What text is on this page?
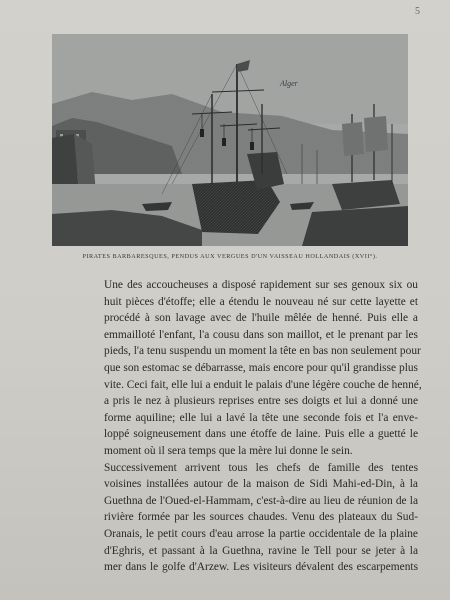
5
Alger
PIRATES BARBARESQUES, PENDUS AUX VERGUES D'UN VAISSEAU HOLLANDAIS (XVII°).

Une des accoucheuses a disposé rapidement sur ses genoux six ou
huit pièces d'étoffe; elle a étendu le nouveau né sur cette layette et
procédé à son lavage avec de l'huile mêlée de henné. Puis elle a
emmailloté l'enfant, l'a cousu dans son maillot, et le prenant par les
pieds, l'a tenu suspendu un moment la tête en bas non seulement pour
que son estomac se débarrasse, mais encore pour qu'il grandisse plus
vite. Ceci fait, elle lui a enduit le palais d'une légère couche de henné,
a pris le nez à plusieurs reprises entre ses doigts et lui a donné une
forme aquiline; elle lui a lavé la tête une seconde fois et l'a enve-
loppé soigneusement dans une étoffe de laine. Puis elle a guetté le
moment où il sera temps que la mère lui donne le sein.

Successivement arrivent tous les chefs de famille des tentes
voisines installées autour de la maison de Sidi Mahi-ed-Din, à la
Guethna de l'Oued-el-Hammam, c'est-à-dire au lieu de réunion de la
rivière formée par les sources chaudes. Venu des plateaux du Sud-
Oranais, le petit cours d'eau arrose la partie occidentale de la plaine
d'Eghris, et passant à la Guethna, ravine le Tell pour se jeter à la
mer dans le golfe d'Arzew. Les visiteurs dévalent des escarpements
